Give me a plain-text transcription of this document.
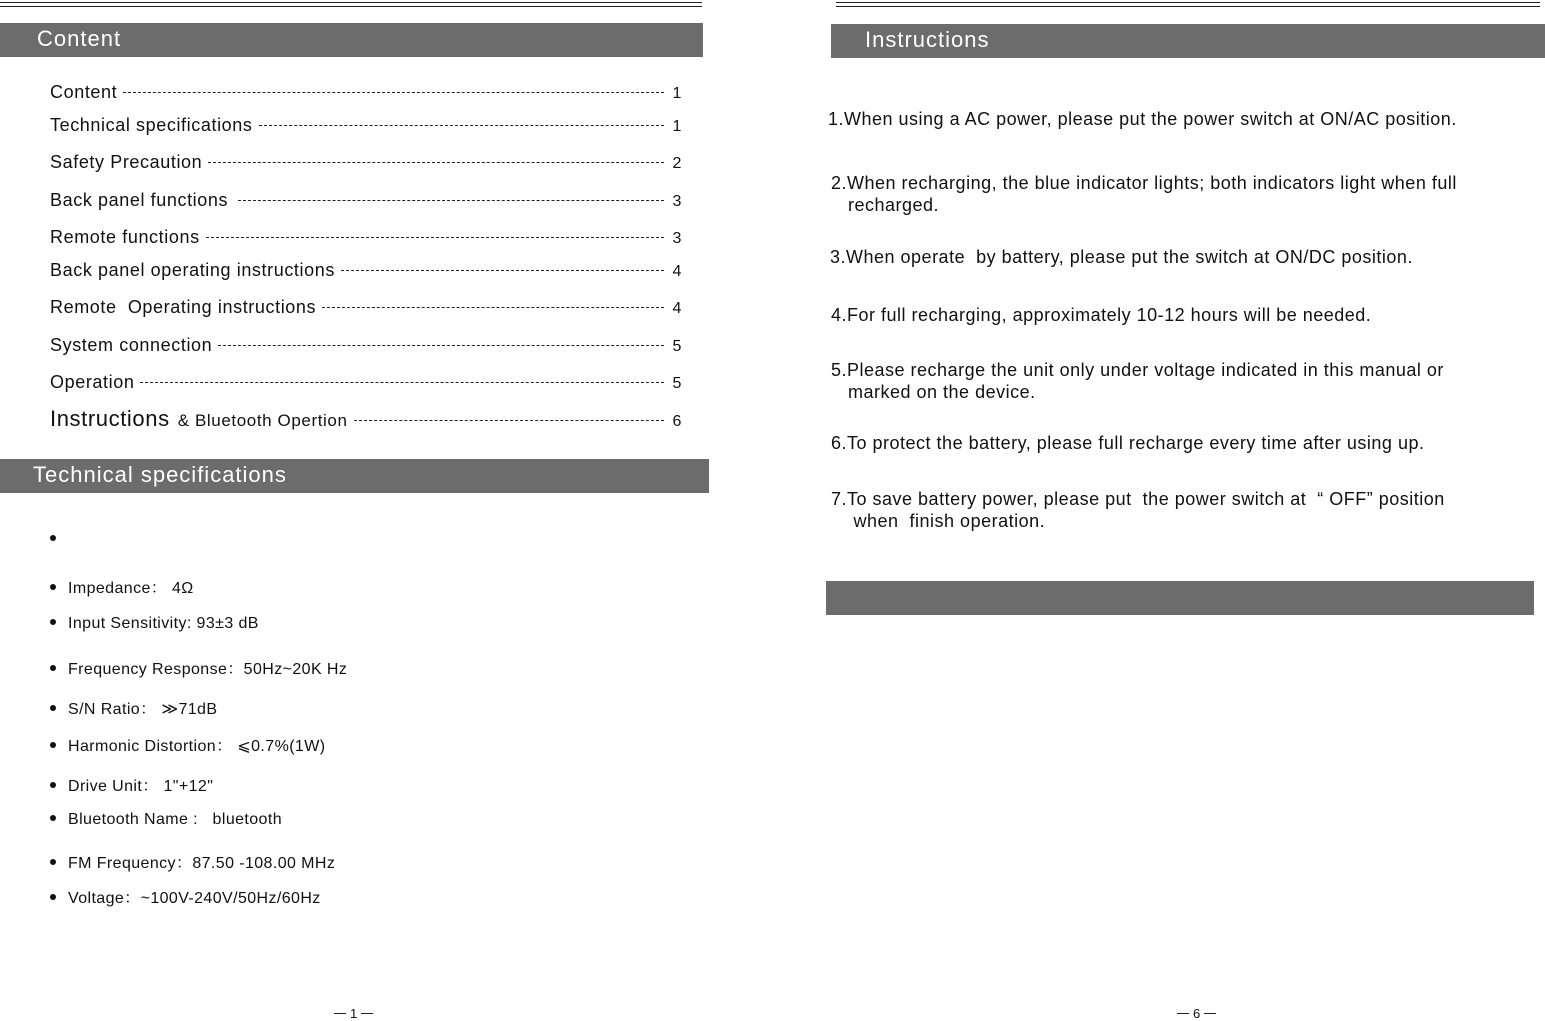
Content
Content	1
Technical specifications	1
Safety Precaution	2
Back panel functions	3
Remote functions	3
Back panel operating instructions	4
Remote  Operating instructions	4
System connection	5
Operation	5
Instructions & Bluetooth Opertion	6
Technical specifications
Impedance： 4Ω
Input Sensitivity: 93±3 dB
Frequency Response：50Hz~20K Hz
S/N Ratio： ≫71dB
Harmonic Distortion： ⩽0.7%(1W)
Drive Unit： 1"+12"
Bluetooth Name :   bluetooth
FM Frequency：87.50 -108.00 MHz
Voltage：~100V-240V/50Hz/60Hz
1
Instructions
1.When using a AC power, please put the power switch at ON/AC position.
2.When recharging, the blue indicator lights; both indicators light when full
recharged.
3.When operate  by battery, please put the switch at ON/DC position.
4.For full recharging, approximately 10-12 hours will be needed.
5.Please recharge the unit only under voltage indicated in this manual or
marked on the device.
6.To protect the battery, please full recharge every time after using up.
7.To save battery power, please put  the power switch at  “ OFF” position
when  finish operation.
6
